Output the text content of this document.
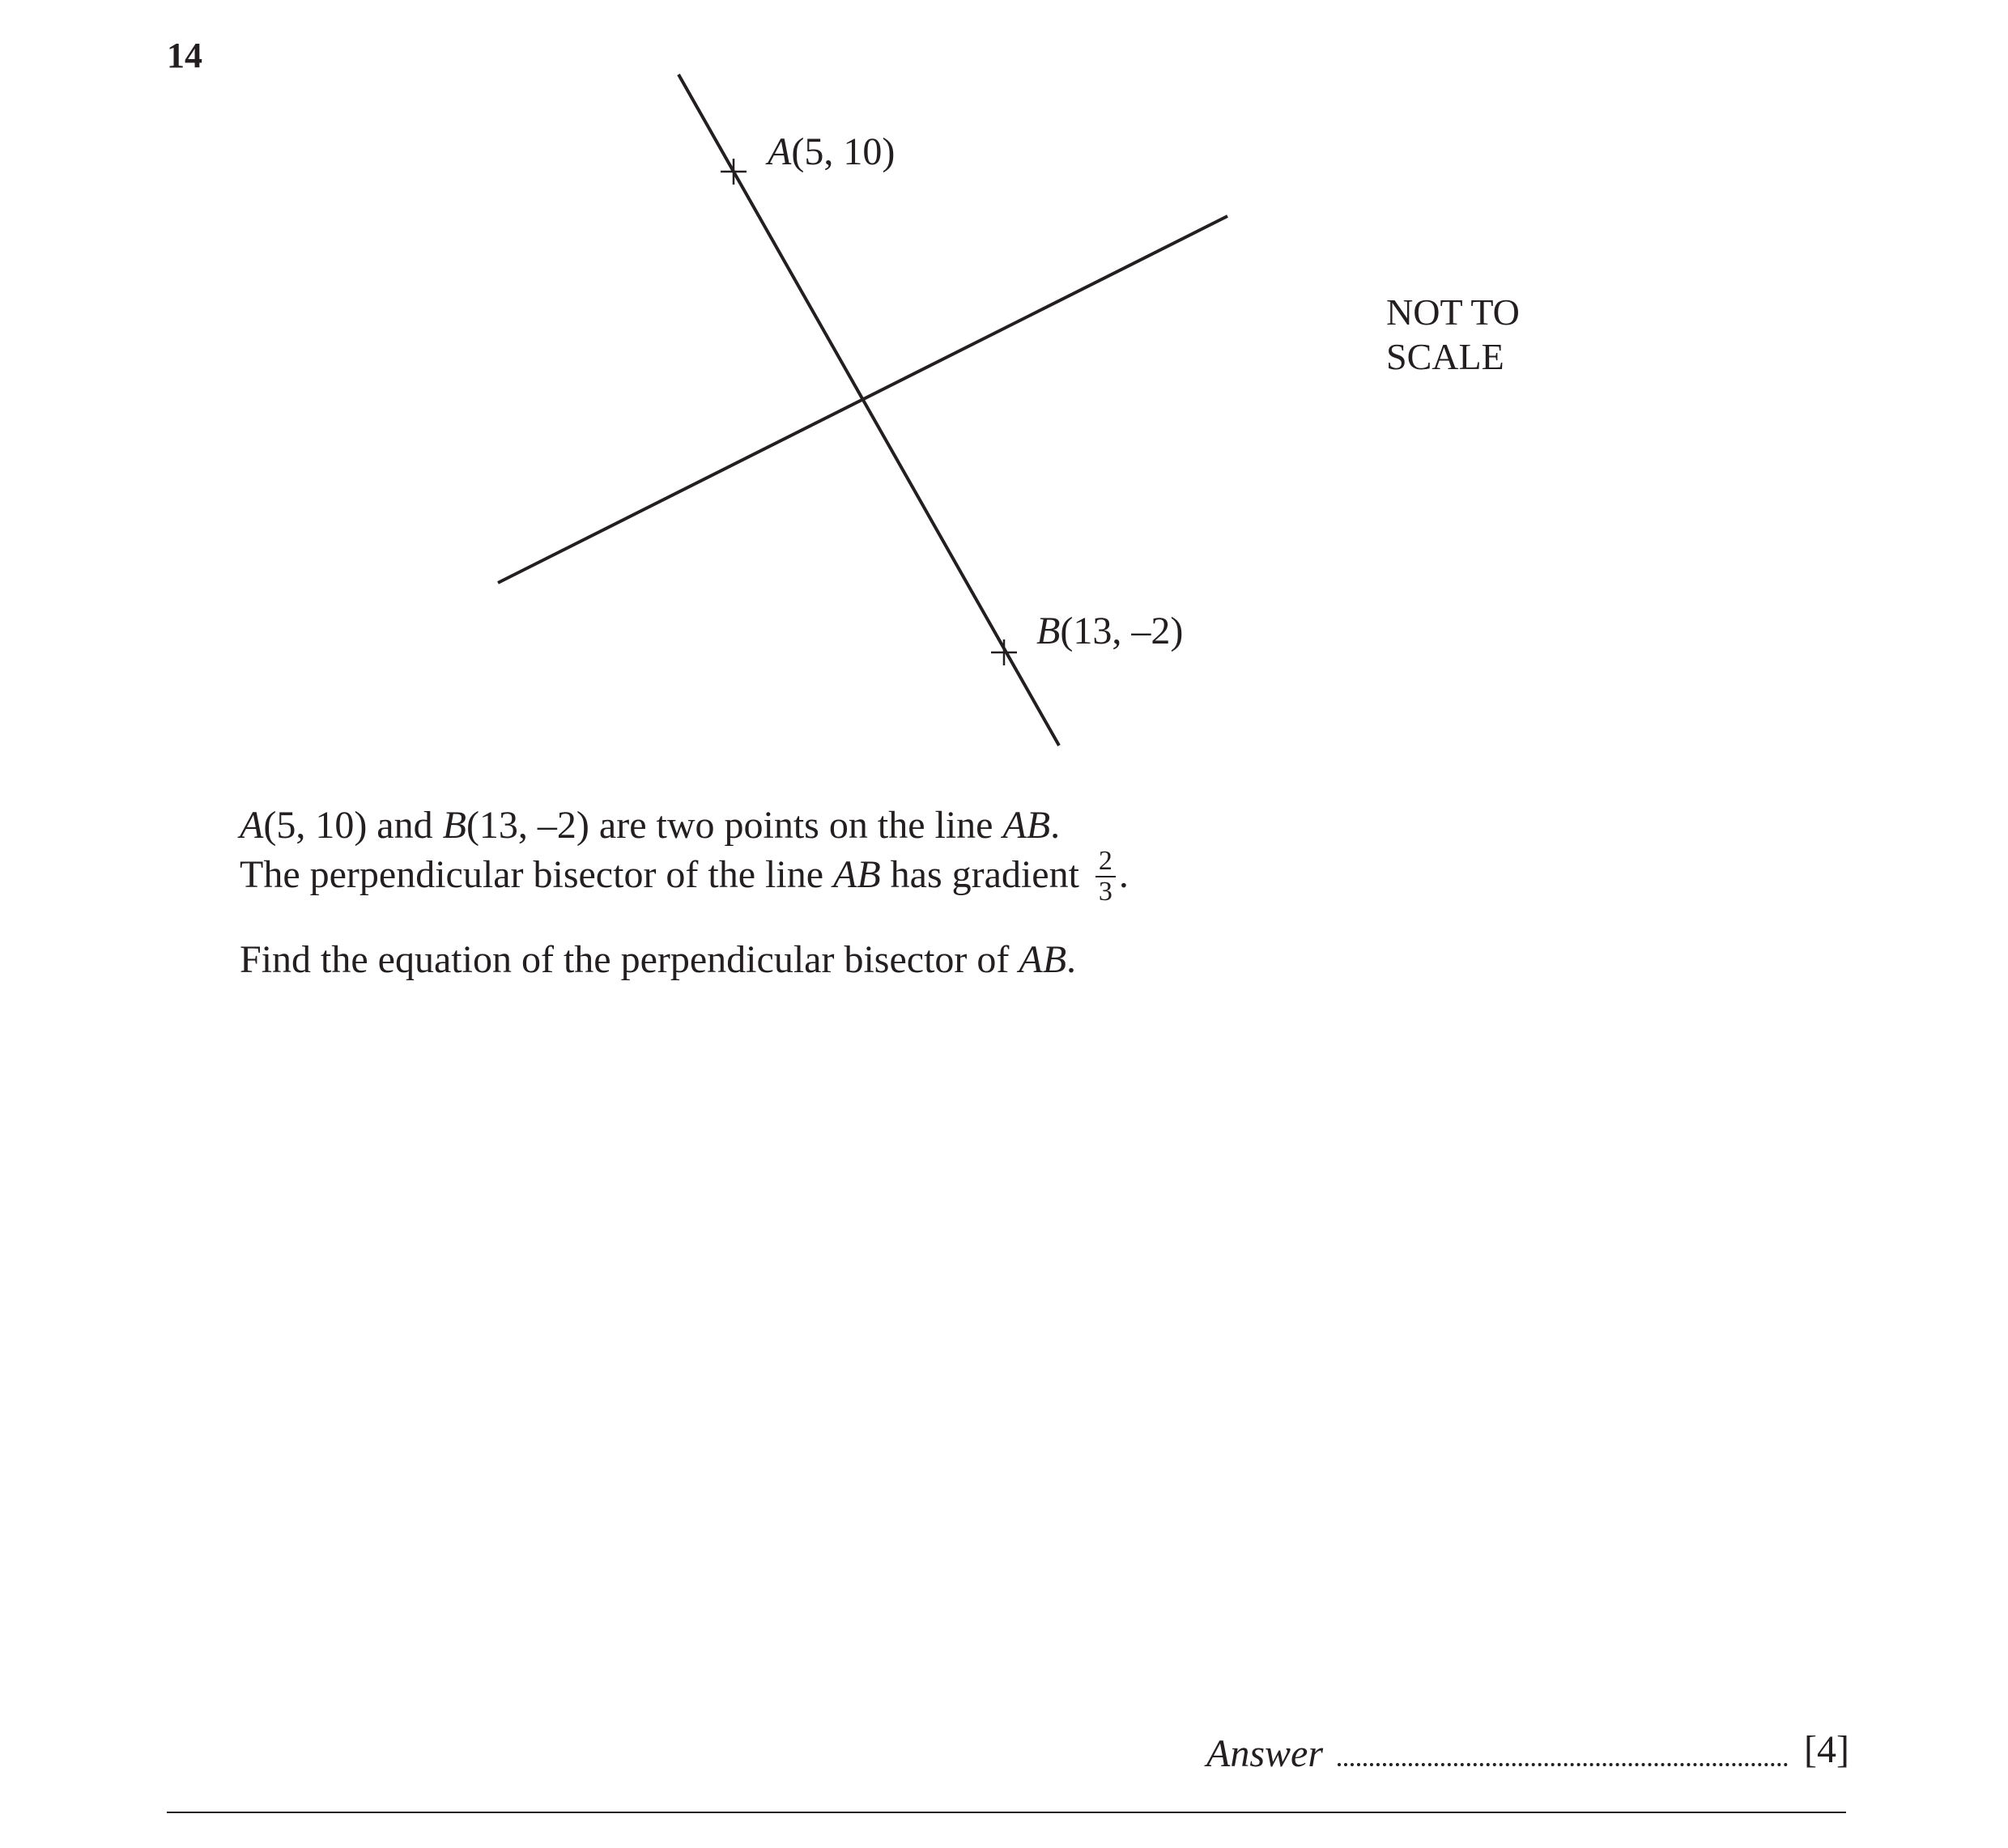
14
A(5, 10)
B(13, –2)
NOT TO
SCALE
A(5, 10) and B(13, –2) are two points on the line AB.
The perpendicular bisector of the line AB has gradient $\frac{2}{3}$ .
Find the equation of the perpendicular bisector of AB.
Answer	[4]
